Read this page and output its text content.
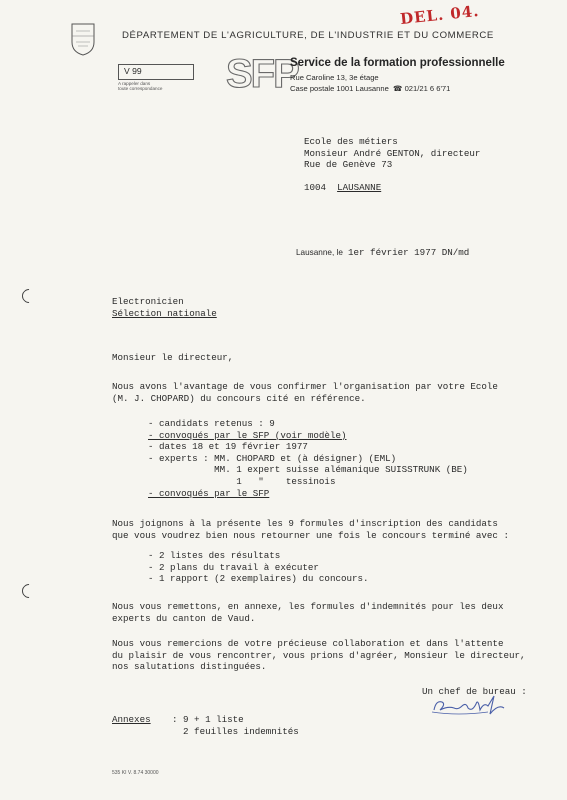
DÉPARTEMENT DE L'AGRICULTURE, DE L'INDUSTRIE ET DU COMMERCE
DEL. 04.
V 99
A rappeler dans
toute correspondance SFP
Service de la formation professionnelle
Rue Caroline 13, 3e étage
Case postale 1001 Lausanne  ☎ 021/21 6 6'71
Ecole des métiers
Monsieur André GENTON, directeur
Rue de Genève 73

1004 LAUSANNE
Lausanne, le 1er février 1977 DN/md
Electronicien
Sélection nationale
Monsieur le directeur,
Nous avons l'avantage de vous confirmer l'organisation par votre Ecole
(M. J. CHOPARD) du concours cité en référence.
- candidats retenus : 9
- convoqués par le SFP (voir modèle)
- dates 18 et 19 février 1977
- experts : MM. CHOPARD et (à désigner) (EML)
MM. 1 expert suisse alémanique SUISSTRUNK (BE)
1   "    tessinois
- convoqués par le SFP
Nous joignons à la présente les 9 formules d'inscription des candidats
que vous voudrez bien nous retourner une fois le concours terminé avec :
- 2 listes des résultats
- 2 plans du travail à exécuter
- 1 rapport (2 exemplaires) du concours.
Nous vous remettons, en annexe, les formules d'indemnités pour les deux
experts du canton de Vaud.
Nous vous remercions de votre précieuse collaboration et dans l'attente
du plaisir de vous rencontrer, vous prions d'agréer, Monsieur le directeur,
nos salutations distinguées.
Un chef de bureau :
Annexes : 9 + 1 liste
2 feuilles indemnités
535 KI V. 8.74 30000
